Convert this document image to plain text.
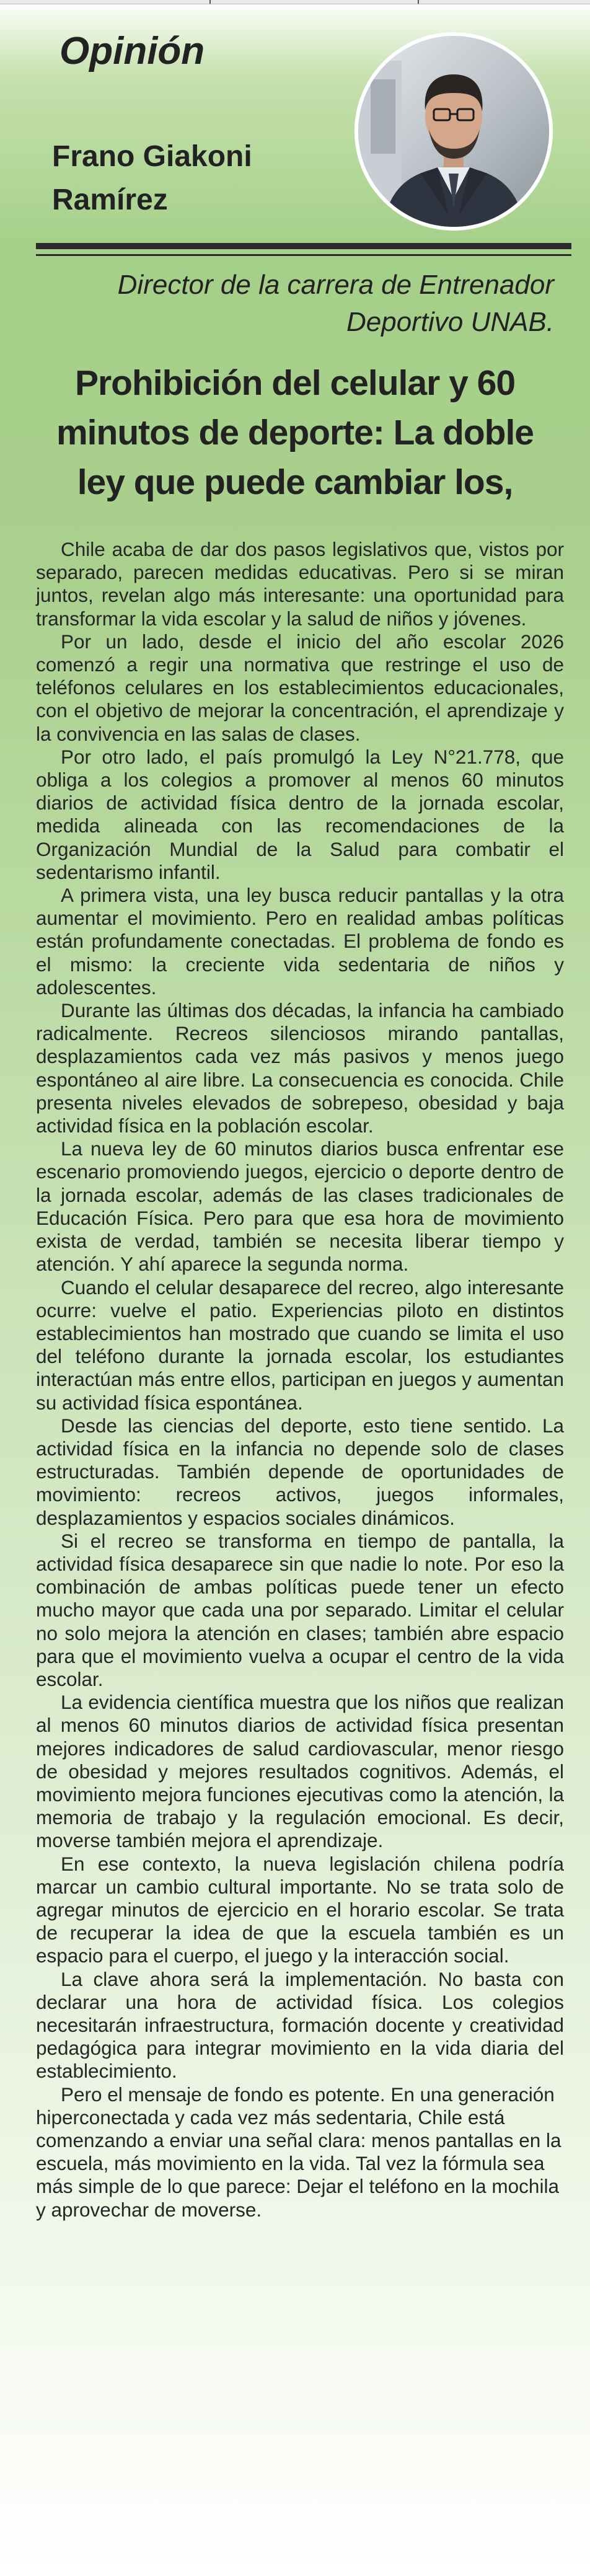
Opinión
Frano Giakoni
Ramírez
Director de la carrera de Entrenador
Deportivo UNAB.
Prohibición del celular y 60
minutos de deporte: La doble
ley que puede cambiar los,

Chile acaba de dar dos pasos legislativos que, vistos por separado, parecen medidas educativas. Pero si se miran juntos, revelan algo más interesante: una oportunidad para transformar la vida escolar y la salud de niños y jóvenes.

Por un lado, desde el inicio del año escolar 2026 comenzó a regir una normativa que restringe el uso de teléfonos celulares en los establecimientos educacionales, con el objetivo de mejorar la concentración, el aprendizaje y la convivencia en las salas de clases.

Por otro lado, el país promulgó la Ley N°21.778, que obliga a los colegios a promover al menos 60 minutos diarios de actividad física dentro de la jornada escolar, medida alineada con las recomendaciones de la Organización Mundial de la Salud para combatir el sedentarismo infantil.

A primera vista, una ley busca reducir pantallas y la otra aumentar el movimiento. Pero en realidad ambas políticas están profundamente conectadas. El problema de fondo es el mismo: la creciente vida sedentaria de niños y adolescentes.

Durante las últimas dos décadas, la infancia ha cambiado radicalmente. Recreos silenciosos mirando pantallas, desplazamientos cada vez más pasivos y menos juego espontáneo al aire libre. La consecuencia es conocida. Chile presenta niveles elevados de sobrepeso, obesidad y baja actividad física en la población escolar.

La nueva ley de 60 minutos diarios busca enfrentar ese escenario promoviendo juegos, ejercicio o deporte dentro de la jornada escolar, además de las clases tradicionales de Educación Física. Pero para que esa hora de movimiento exista de verdad, también se necesita liberar tiempo y atención. Y ahí aparece la segunda norma.

Cuando el celular desaparece del recreo, algo interesante ocurre: vuelve el patio. Experiencias piloto en distintos establecimientos han mostrado que cuando se limita el uso del teléfono durante la jornada escolar, los estudiantes interactúan más entre ellos, participan en juegos y aumentan su actividad física espontánea.

Desde las ciencias del deporte, esto tiene sentido. La actividad física en la infancia no depende solo de clases estructuradas. También depende de oportunidades de movimiento: recreos activos, juegos informales, desplazamientos y espacios sociales dinámicos.

Si el recreo se transforma en tiempo de pantalla, la actividad física desaparece sin que nadie lo note. Por eso la combinación de ambas políticas puede tener un efecto mucho mayor que cada una por separado. Limitar el celular no solo mejora la atención en clases; también abre espacio para que el movimiento vuelva a ocupar el centro de la vida escolar.

La evidencia científica muestra que los niños que realizan al menos 60 minutos diarios de actividad física presentan mejores indicadores de salud cardiovascular, menor riesgo de obesidad y mejores resultados cognitivos. Además, el movimiento mejora funciones ejecutivas como la atención, la memoria de trabajo y la regulación emocional. Es decir, moverse también mejora el aprendizaje.

En ese contexto, la nueva legislación chilena podría marcar un cambio cultural importante. No se trata solo de agregar minutos de ejercicio en el horario escolar. Se trata de recuperar la idea de que la escuela también es un espacio para el cuerpo, el juego y la interacción social.

La clave ahora será la implementación. No basta con declarar una hora de actividad física. Los colegios necesitarán infraestructura, formación docente y creatividad pedagógica para integrar movimiento en la vida diaria del establecimiento.

Pero el mensaje de fondo es potente. En una generación hiperconectada y cada vez más sedentaria, Chile está comenzando a enviar una señal clara: menos pantallas en la escuela, más movimiento en la vida. Tal vez la fórmula sea más simple de lo que parece: Dejar el teléfono en la mochila y aprovechar de moverse.
